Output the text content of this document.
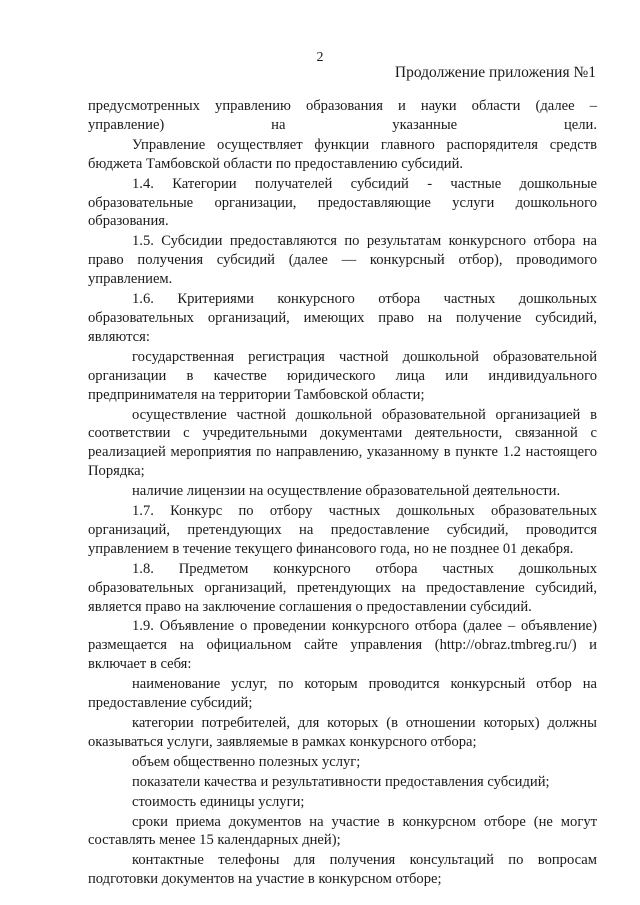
2
Продолжение приложения №1

предусмотренных управлению образования и науки области (далее – управление) на указанные цели.

Управление осуществляет функции главного распорядителя средств бюджета Тамбовской области по предоставлению субсидий.

1.4. Категории получателей субсидий - частные дошкольные образовательные организации, предоставляющие услуги дошкольного образования.

1.5. Субсидии предоставляются по результатам конкурсного отбора на право получения субсидий (далее — конкурсный отбор), проводимого управлением.

1.6. Критериями конкурсного отбора частных дошкольных образовательных организаций, имеющих право на получение субсидий, являются:

государственная регистрация частной дошкольной образовательной организации в качестве юридического лица или индивидуального предпринимателя на территории Тамбовской области;

осуществление частной дошкольной образовательной организацией в соответствии с учредительными документами деятельности, связанной с реализацией мероприятия по направлению, указанному в пункте 1.2 настоящего Порядка;

наличие лицензии на осуществление образовательной деятельности.

1.7. Конкурс по отбору частных дошкольных образовательных организаций, претендующих на предоставление субсидий, проводится управлением в течение текущего финансового года, но не позднее 01 декабря.

1.8. Предметом конкурсного отбора частных дошкольных образовательных организаций, претендующих на предоставление субсидий, является право на заключение соглашения о предоставлении субсидий.

1.9. Объявление о проведении конкурсного отбора (далее – объявление) размещается на официальном сайте управления (http://obraz.tmbreg.ru/) и включает в себя:

наименование услуг, по которым проводится конкурсный отбор на предоставление субсидий;

категории потребителей, для которых (в отношении которых) должны оказываться услуги, заявляемые в рамках конкурсного отбора;

объем общественно полезных услуг;

показатели качества и результативности предоставления субсидий;

стоимость единицы услуги;

сроки приема документов на участие в конкурсном отборе (не могут составлять менее 15 календарных дней);

контактные телефоны для получения консультаций по вопросам подготовки документов на участие в конкурсном отборе;
